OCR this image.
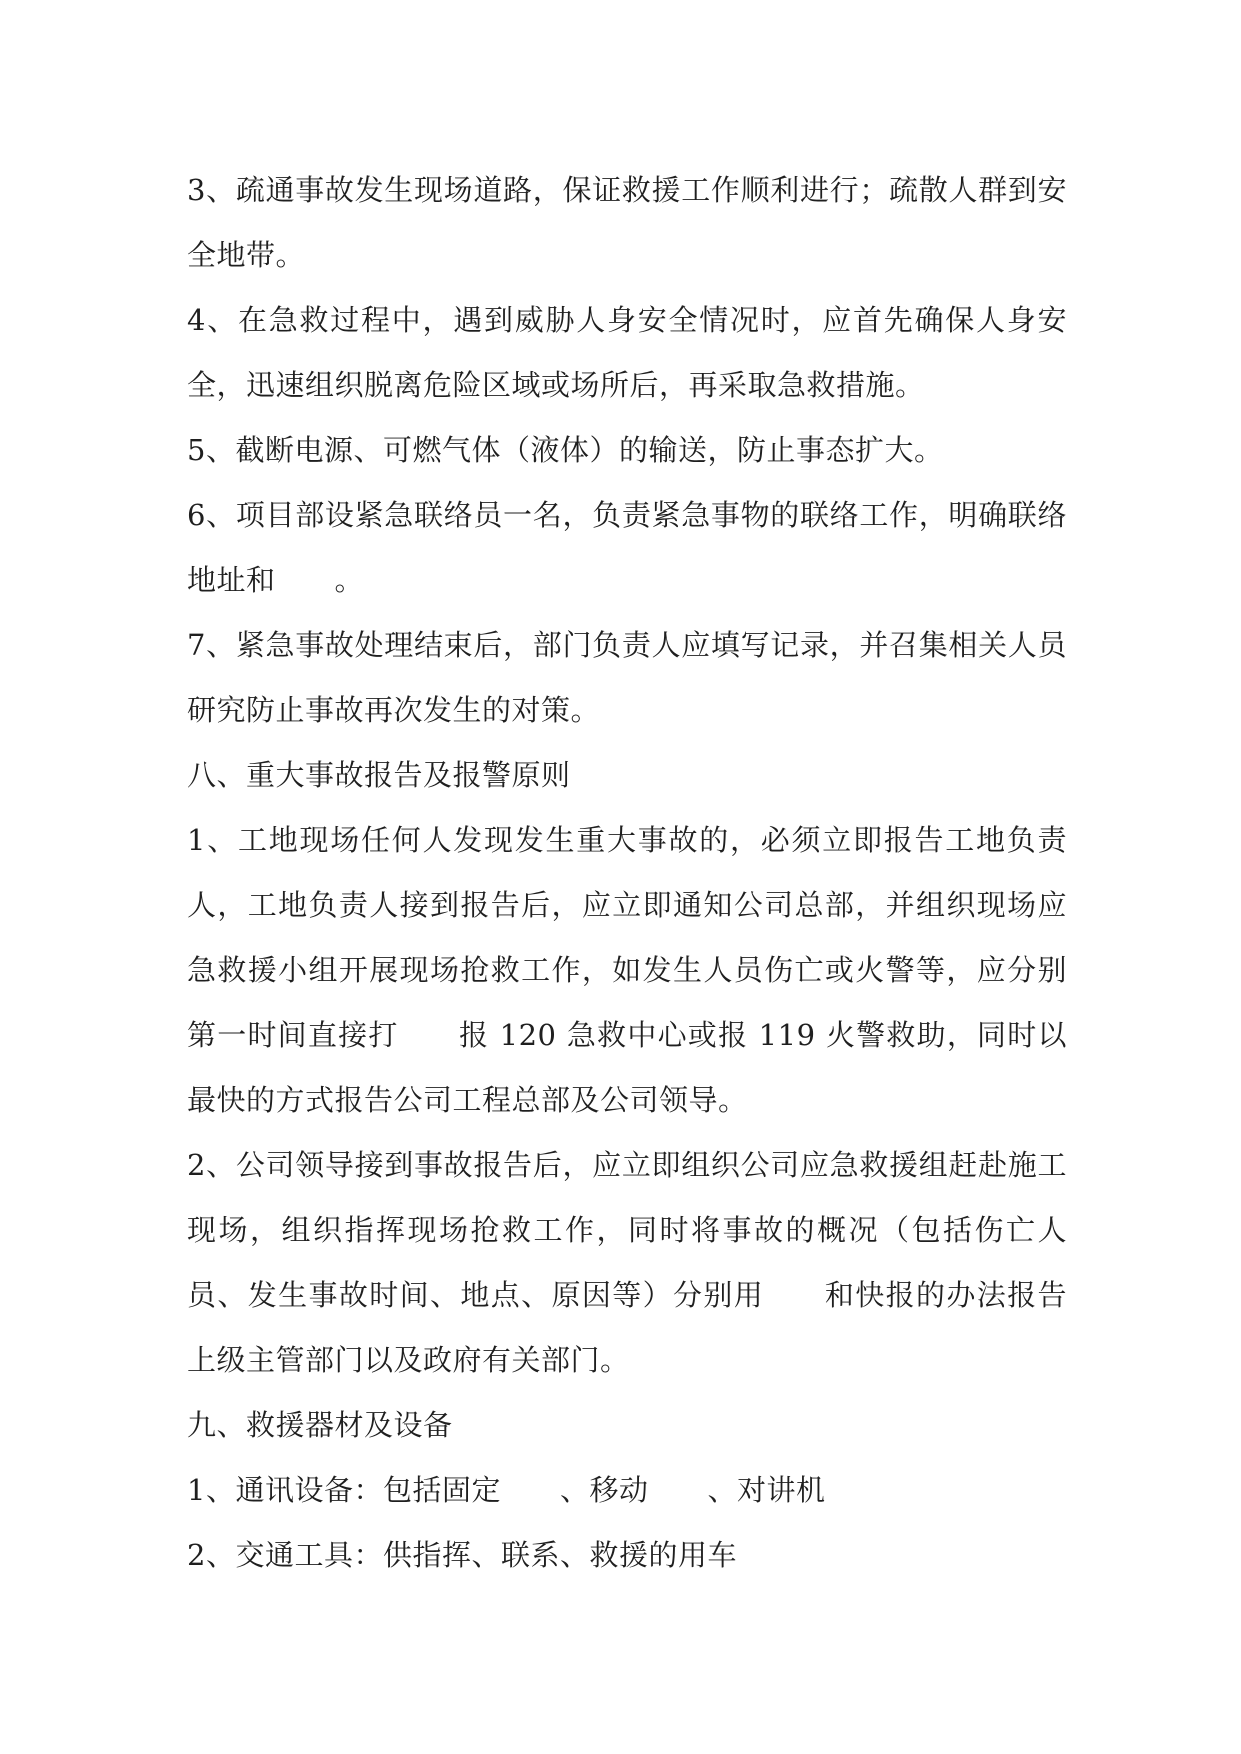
3、疏通事故发生现场道路，保证救援工作顺利进行；疏散人群到安全地带。

4、在急救过程中，遇到威胁人身安全情况时，应首先确保人身安全，迅速组织脱离危险区域或场所后，再采取急救措施。

5、截断电源、可燃气体（液体）的输送，防止事态扩大。

6、项目部设紧急联络员一名，负责紧急事物的联络工作，明确联络地址和　　。

7、紧急事故处理结束后，部门负责人应填写记录，并召集相关人员研究防止事故再次发生的对策。

八、重大事故报告及报警原则

1、工地现场任何人发现发生重大事故的，必须立即报告工地负责人，工地负责人接到报告后，应立即通知公司总部，并组织现场应急救援小组开展现场抢救工作，如发生人员伤亡或火警等，应分别第一时间直接打　　报 120 急救中心或报 119 火警救助，同时以最快的方式报告公司工程总部及公司领导。

2、公司领导接到事故报告后，应立即组织公司应急救援组赶赴施工现场，组织指挥现场抢救工作，同时将事故的概况（包括伤亡人员、发生事故时间、地点、原因等）分别用　　和快报的办法报告上级主管部门以及政府有关部门。

九、救援器材及设备

1、通讯设备：包括固定　　、移动　　、对讲机

2、交通工具：供指挥、联系、救援的用车
